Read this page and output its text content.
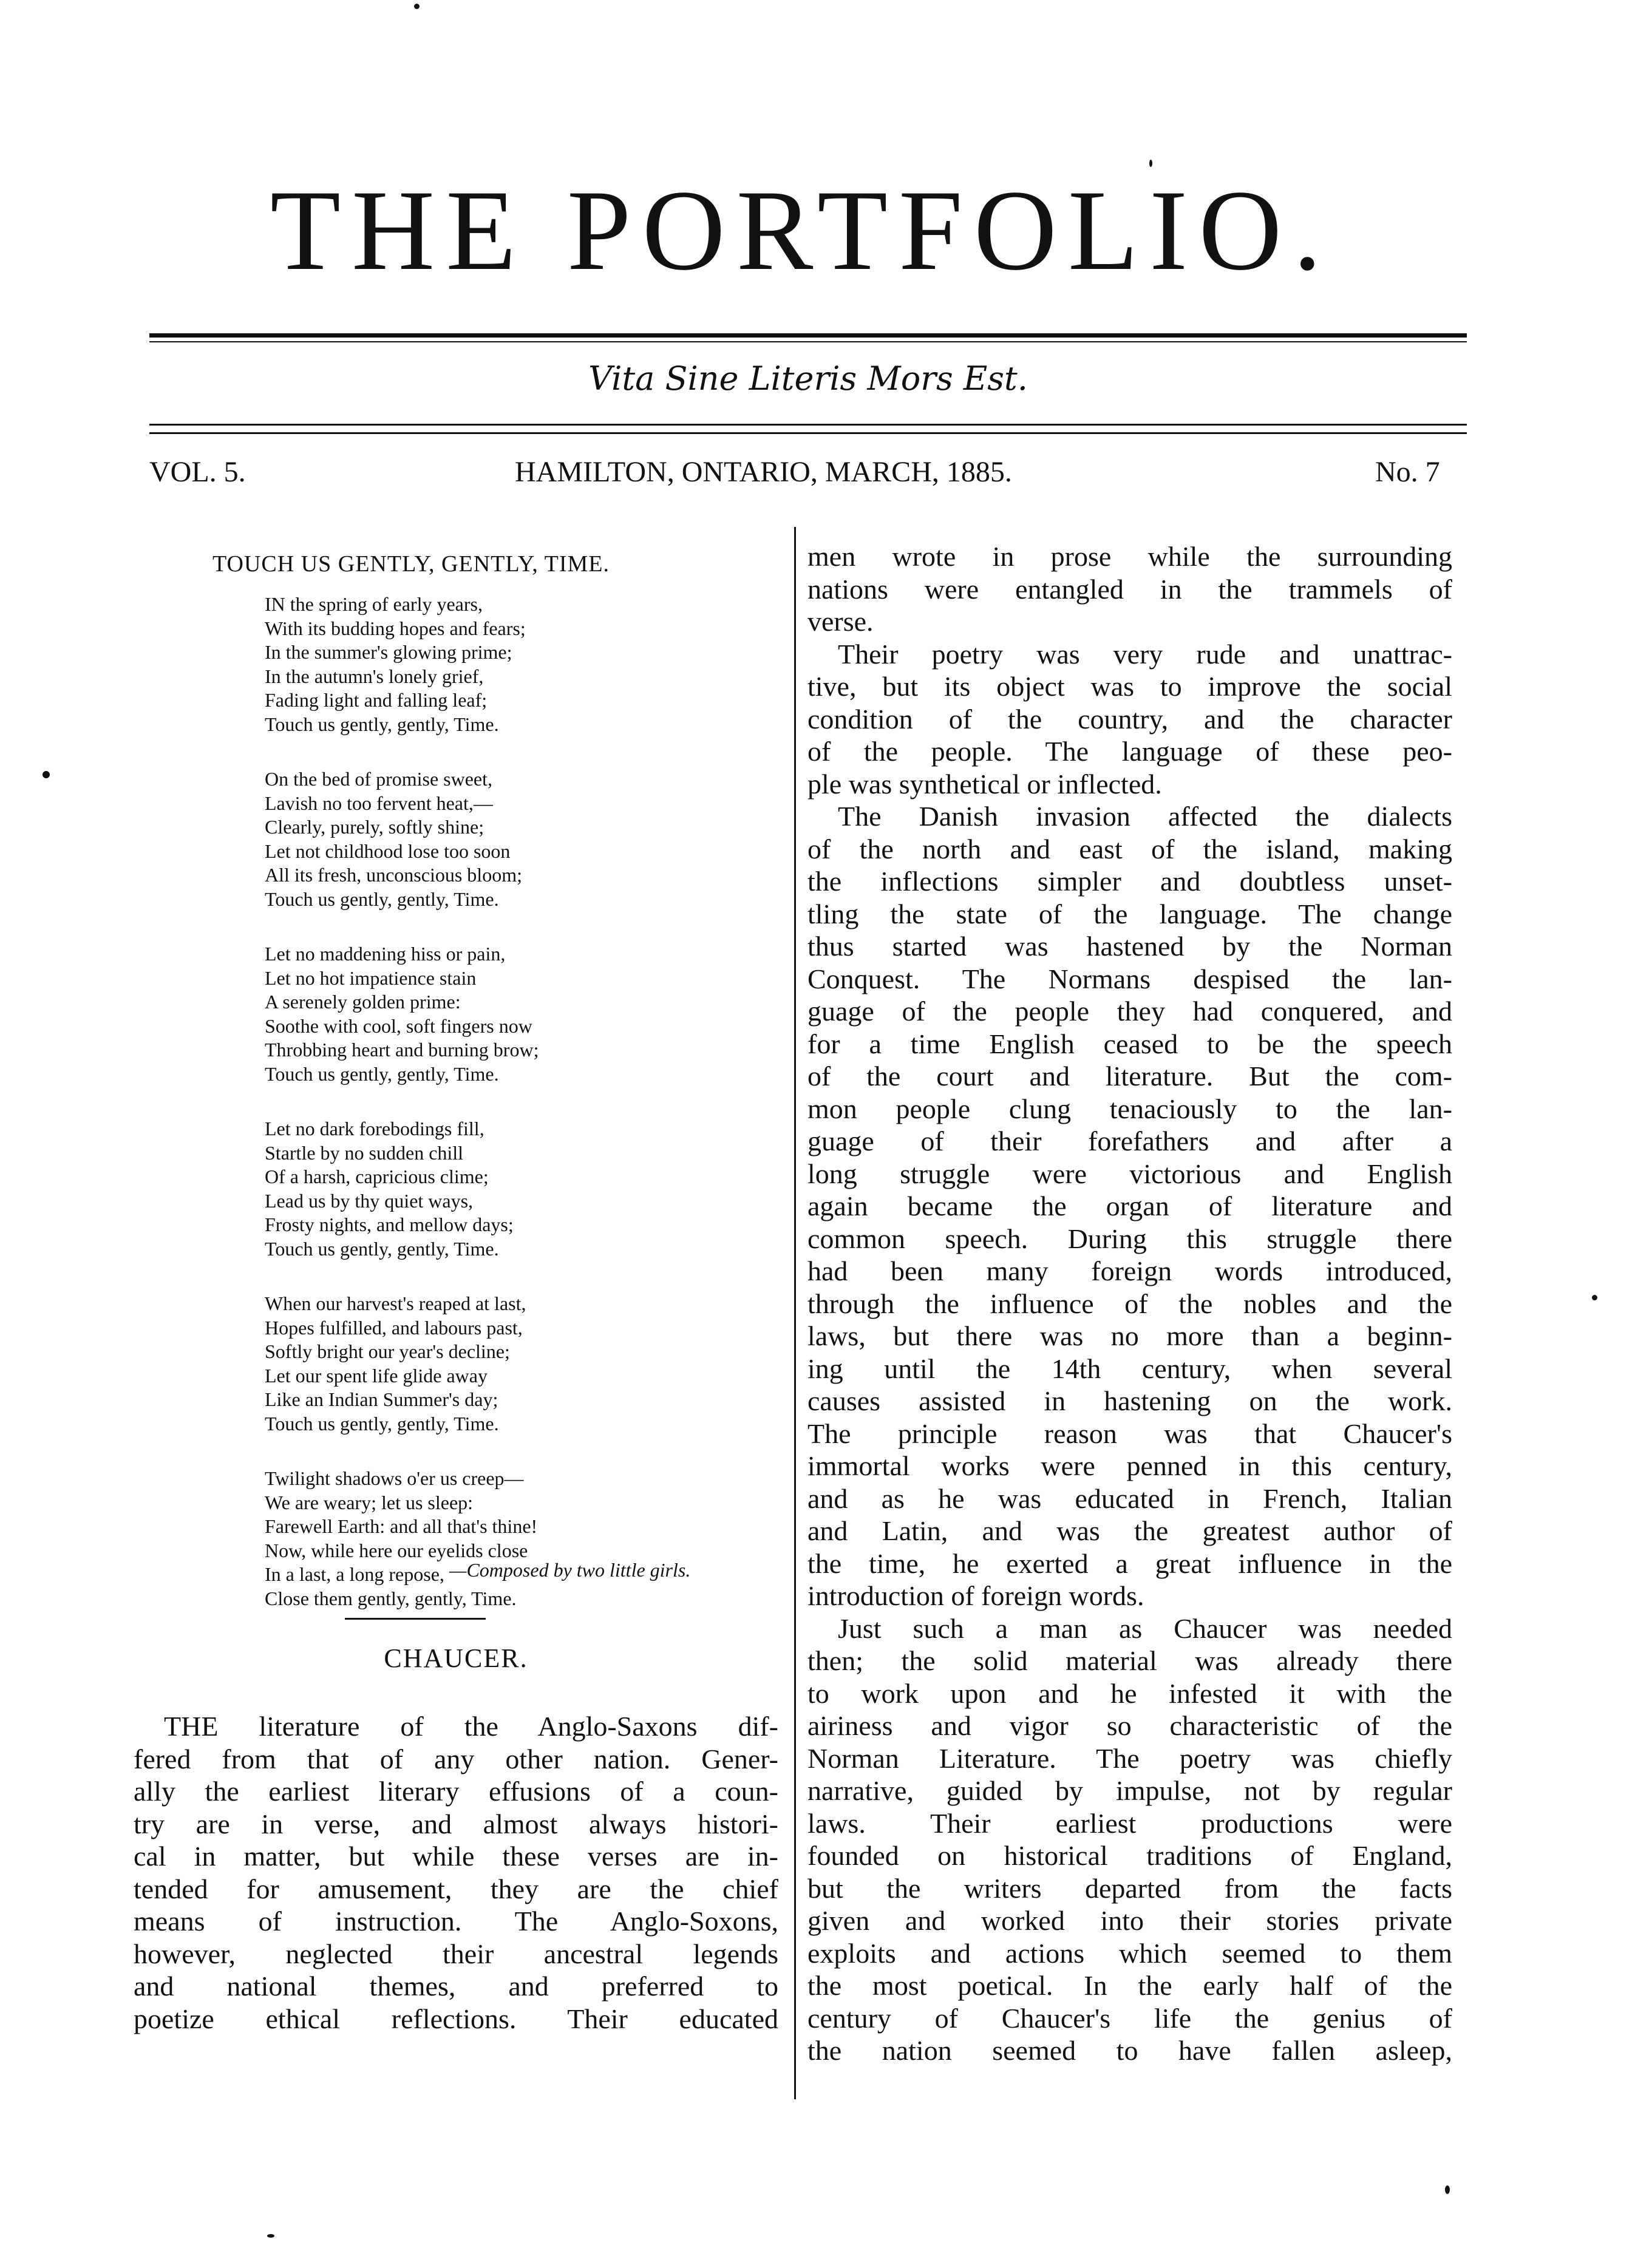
THE PORTFOLIO.
Vita Sine Literis Mors Est.
VOL. 5.	HAMILTON, ONTARIO, MARCH, 1885.	No. 7
TOUCH US GENTLY, GENTLY, TIME.
IN the spring of early years,
With its budding hopes and fears;
In the summer's glowing prime;
In the autumn's lonely grief,
Fading light and falling leaf;
Touch us gently, gently, Time.
On the bed of promise sweet,
Lavish no too fervent heat,—
Clearly, purely, softly shine;
Let not childhood lose too soon
All its fresh, unconscious bloom;
Touch us gently, gently, Time.
Let no maddening hiss or pain,
Let no hot impatience stain
A serenely golden prime:
Soothe with cool, soft fingers now
Throbbing heart and burning brow;
Touch us gently, gently, Time.
Let no dark forebodings fill,
Startle by no sudden chill
Of a harsh, capricious clime;
Lead us by thy quiet ways,
Frosty nights, and mellow days;
Touch us gently, gently, Time.
When our harvest's reaped at last,
Hopes fulfilled, and labours past,
Softly bright our year's decline;
Let our spent life glide away
Like an Indian Summer's day;
Touch us gently, gently, Time.
Twilight shadows o'er us creep—
We are weary; let us sleep:
Farewell Earth: and all that's thine!
Now, while here our eyelids close
In a last, a long repose,
Close them gently, gently, Time.
—Composed by two little girls.
CHAUCER.
THE literature of the Anglo-Saxons dif-
fered from that of any other nation. Gener-
ally the earliest literary effusions of a coun-
try are in verse, and almost always histori-
cal in matter, but while these verses are in-
tended for amusement, they are the chief
means of instruction. The Anglo-Soxons,
however, neglected their ancestral legends
and national themes, and preferred to
poetize ethical reflections. Their educated
men wrote in prose while the surrounding
nations were entangled in the trammels of
verse.
Their poetry was very rude and unattrac-
tive, but its object was to improve the social
condition of the country, and the character
of the people. The language of these peo-
ple was synthetical or inflected.
The Danish invasion affected the dialects
of the north and east of the island, making
the inflections simpler and doubtless unset-
tling the state of the language. The change
thus started was hastened by the Norman
Conquest. The Normans despised the lan-
guage of the people they had conquered, and
for a time English ceased to be the speech
of the court and literature. But the com-
mon people clung tenaciously to the lan-
guage of their forefathers and after a
long struggle were victorious and English
again became the organ of literature and
common speech. During this struggle there
had been many foreign words introduced,
through the influence of the nobles and the
laws, but there was no more than a beginn-
ing until the 14th century, when several
causes assisted in hastening on the work.
The principle reason was that Chaucer's
immortal works were penned in this century,
and as he was educated in French, Italian
and Latin, and was the greatest author of
the time, he exerted a great influence in the
introduction of foreign words.
Just such a man as Chaucer was needed
then; the solid material was already there
to work upon and he infested it with the
airiness and vigor so characteristic of the
Norman Literature. The poetry was chiefly
narrative, guided by impulse, not by regular
laws. Their earliest productions were
founded on historical traditions of England,
but the writers departed from the facts
given and worked into their stories private
exploits and actions which seemed to them
the most poetical. In the early half of the
century of Chaucer's life the genius of
the nation seemed to have fallen asleep,
